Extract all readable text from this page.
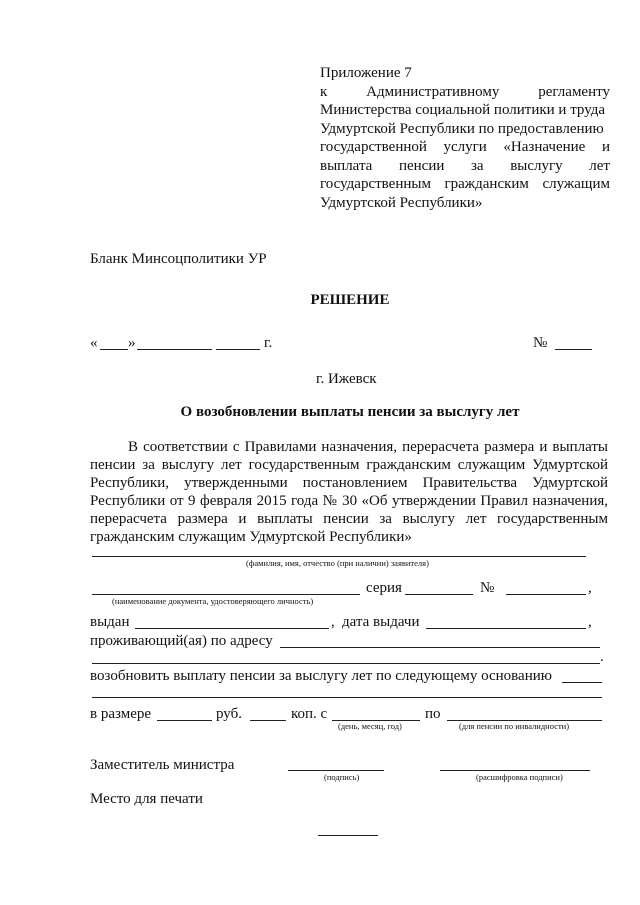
Приложение 7
к	Административному	регламенту
Министерства социальной политики и труда
Удмуртской Республики по предоставлению
государственной услуги «Назначение и
выплата пенсии за выслугу лет
государственным гражданским служащим
Удмуртской Республики»
Бланк Минсоцполитики УР
РЕШЕНИЕ
« »	г.	№
г. Ижевск
О возобновлении выплаты пенсии за выслугу лет
В соответствии с Правилами назначения, перерасчета размера и выплаты
пенсии за выслугу лет государственным гражданским служащим Удмуртской
Республики, утвержденными постановлением Правительства Удмуртской
Республики от 9 февраля 2015 года № 30 «Об утверждении Правил назначения,
перерасчета размера и выплаты пенсии за выслугу лет государственным
гражданским служащим Удмуртской Республики»
(фамилия, имя, отчество (при наличии) заявителя)
серия	№	,
(наименование документа, удостоверяющего личность)
выдан	, дата выдачи	,
проживающий(ая) по адресу
.
возобновить выплату пенсии за выслугу лет по следующему основанию
в размере	руб.	коп. с	по
(день, месяц, год)	(для пенсии по инвалидности)
Заместитель министра
(подпись)	(расшифровка подписи)
Место для печати
